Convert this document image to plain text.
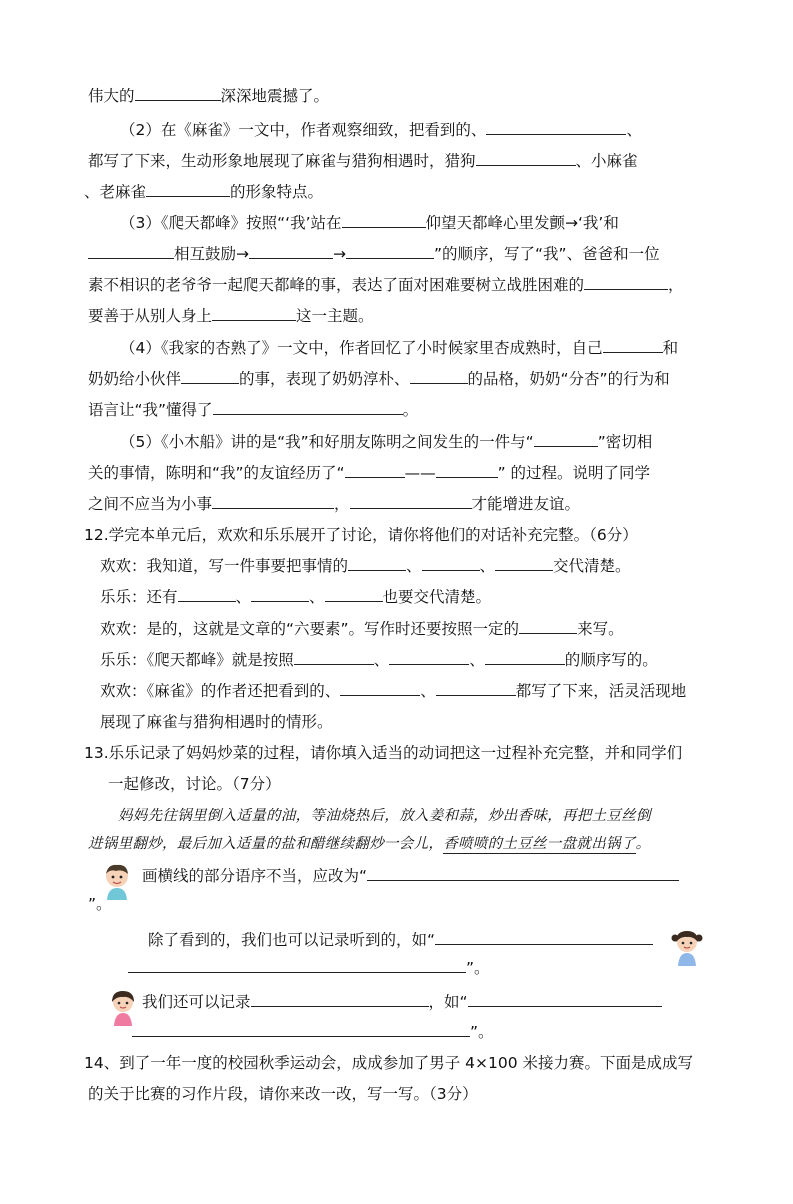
伟大的	深深地震撼了。
（2）在《麻雀》一文中，作者观察细致，把看到的、	、
都写了下来，生动形象地展现了麻雀与猎狗相遇时，猎狗	、小麻雀
、老麻雀	的形象特点。
（3）《爬天都峰》按照“‘我’站在	仰望天都峰心里发颤→‘我’和
相互鼓励→	→	”的顺序，写了“我”、爸爸和一位
素不相识的老爷爷一起爬天都峰的事，表达了面对困难要树立战胜困难的	，
要善于从别人身上	这一主题。
（4）《我家的杏熟了》一文中，作者回忆了小时候家里杏成熟时，自己	和
奶奶给小伙伴	的事，表现了奶奶淳朴、	的品格，奶奶“分杏”的行为和
语言让“我”懂得了	。
（5）《小木船》讲的是“我”和好朋友陈明之间发生的一件与“	”密切相
关的事情，陈明和“我”的友谊经历了“	——	” 的过程。说明了同学
之间不应当为小事	，	才能增进友谊。
12.学完本单元后，欢欢和乐乐展开了讨论，请你将他们的对话补充完整。（6分）
欢欢：我知道，写一件事要把事情的	、	、	交代清楚。
乐乐：还有	、	、	也要交代清楚。
欢欢：是的，这就是文章的“六要素”。写作时还要按照一定的	来写。
乐乐：《爬天都峰》就是按照	、	、	的顺序写的。
欢欢：《麻雀》的作者还把看到的、	、	都写了下来，活灵活现地
展现了麻雀与猎狗相遇时的情形。
13.乐乐记录了妈妈炒菜的过程，请你填入适当的动词把这一过程补充完整，并和同学们
一起修改，讨论。（7分）
妈妈先往锅里倒入适量的油，等油烧热后，放入姜和蒜，炒出香味，再把土豆丝倒
进锅里翻炒，最后加入适量的盐和醋继续翻炒一会儿，香喷喷的土豆丝一盘就出锅了。
画横线的部分语序不当，应改为“
”。
除了看到的，我们也可以记录听到的，如“
”。
我们还可以记录	，如“
”。
14、到了一年一度的校园秋季运动会，成成参加了男子 4×100 米接力赛。下面是成成写
的关于比赛的习作片段，请你来改一改，写一写。（3分）
